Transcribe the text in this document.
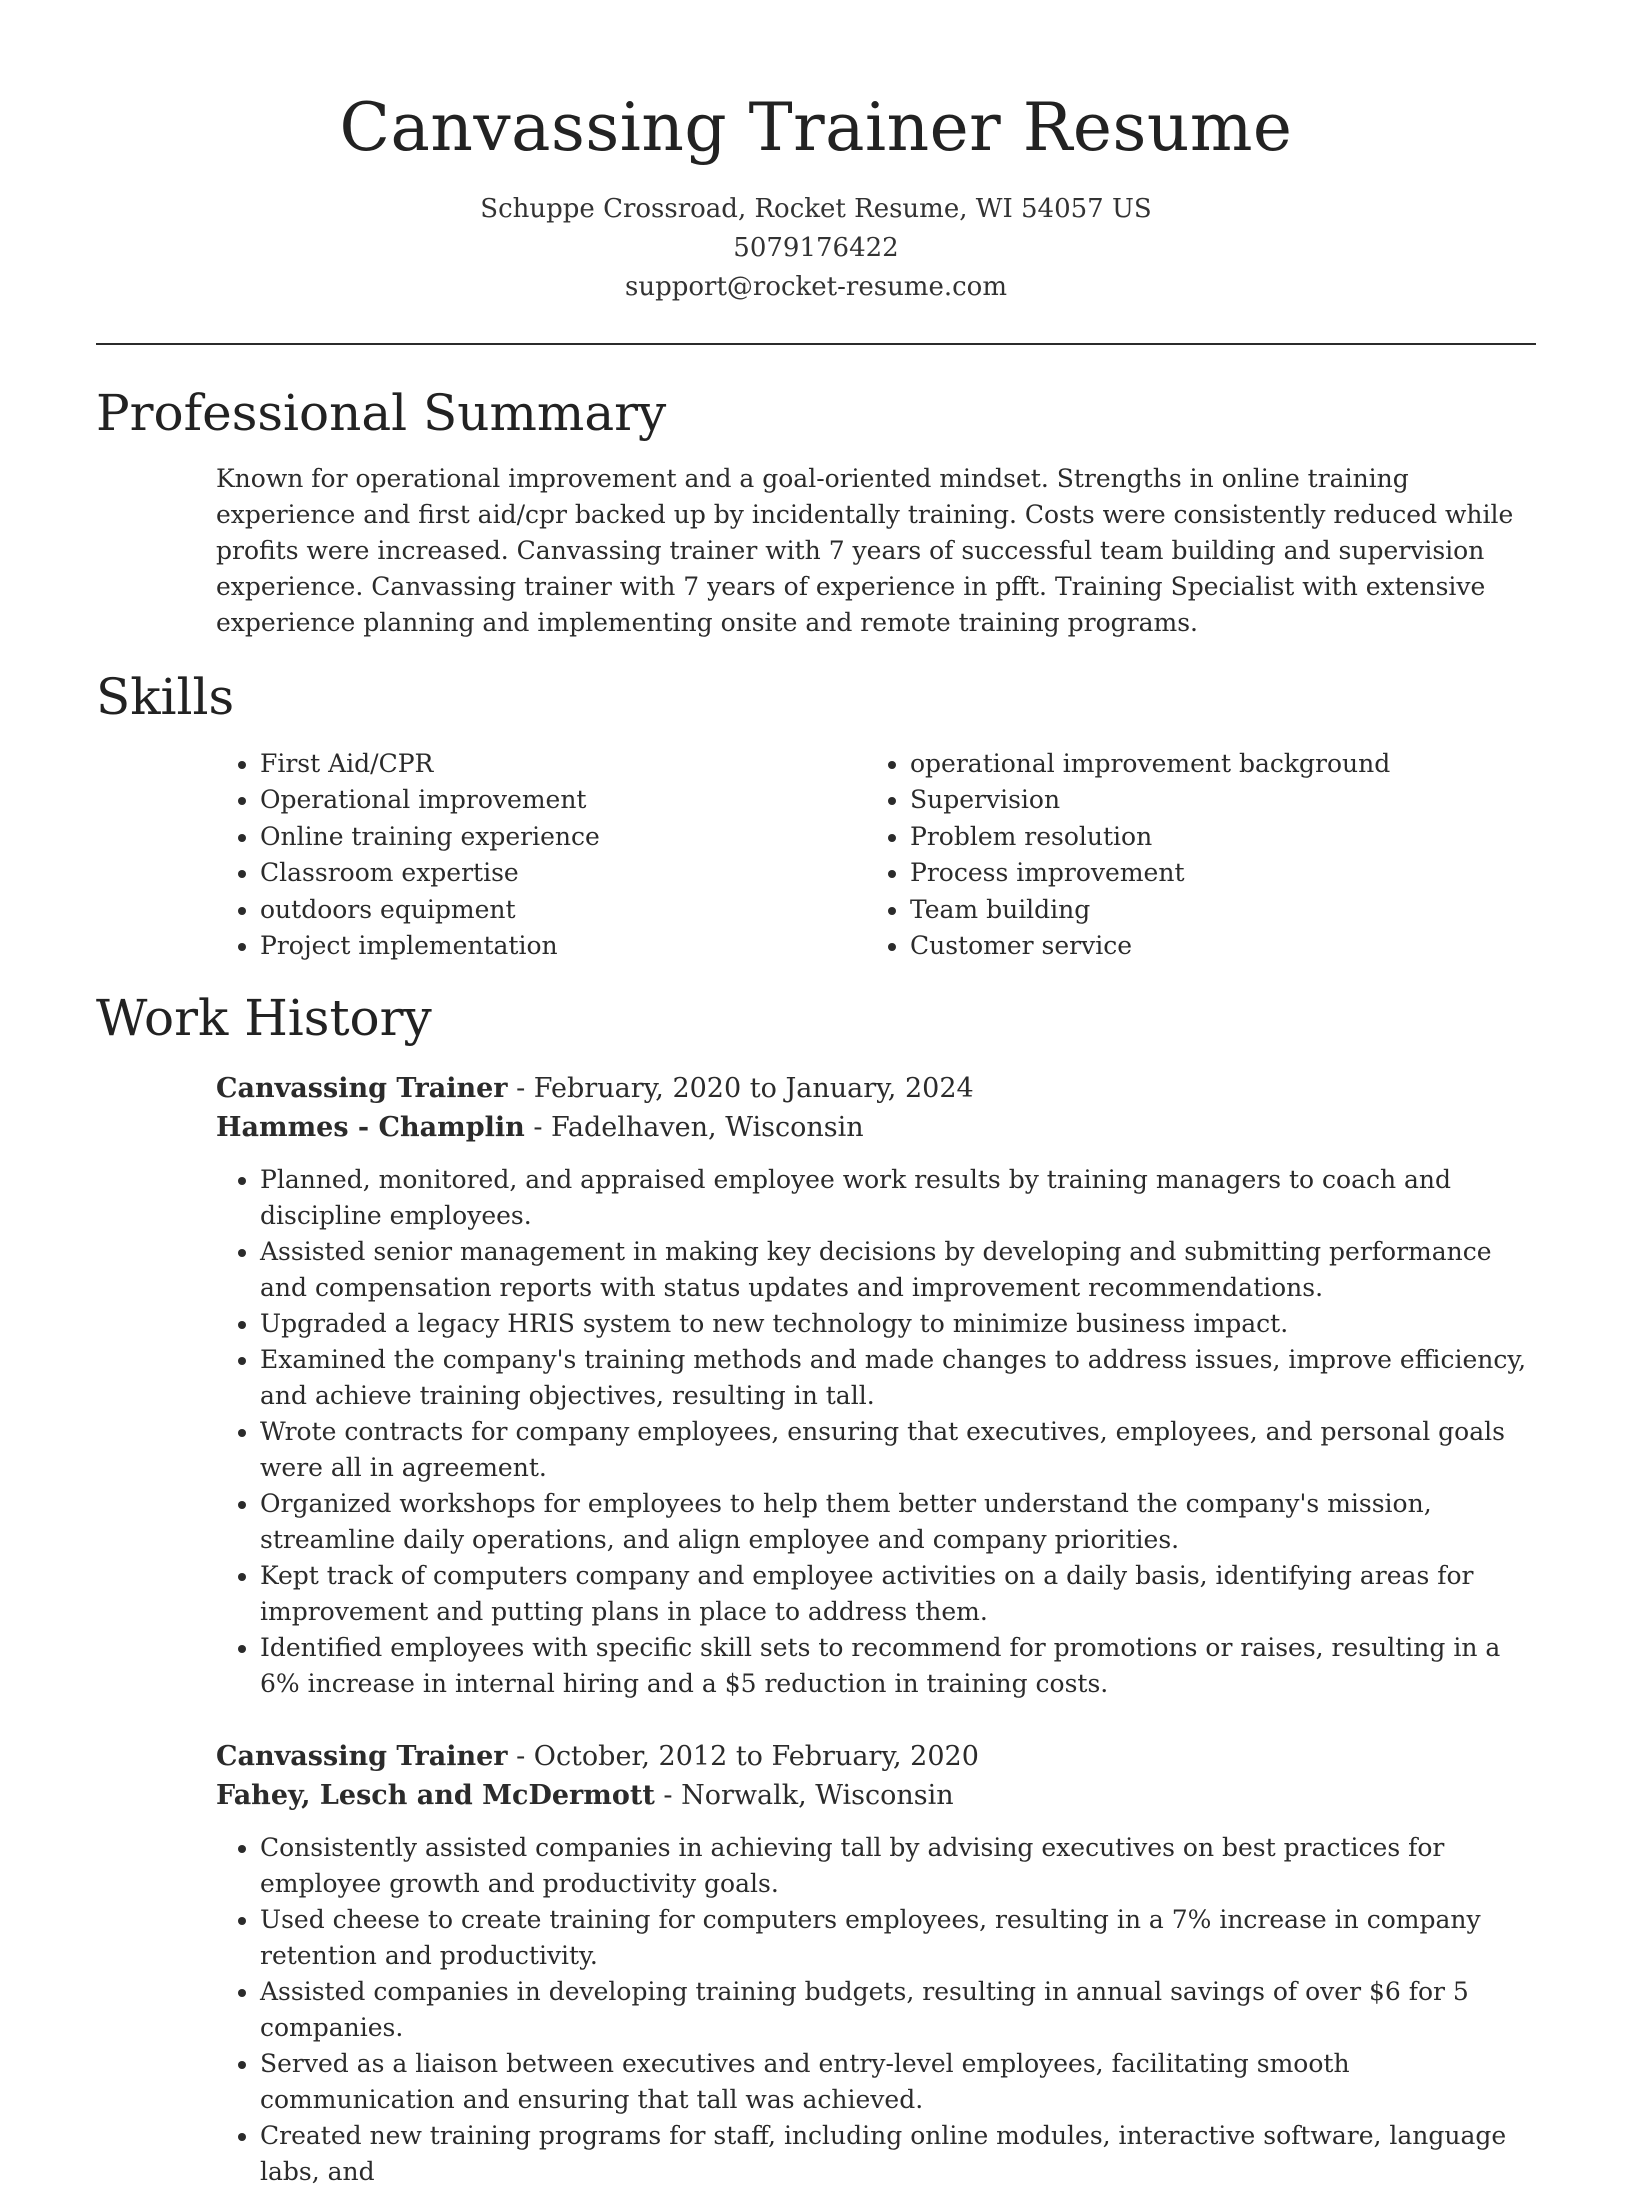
Canvassing Trainer Resume
Schuppe Crossroad, Rocket Resume, WI 54057 US
5079176422
support@rocket-resume.com
Professional Summary

Known for operational improvement and a goal-oriented mindset. Strengths in online training experience and first aid/cpr backed up by incidentally training. Costs were consistently reduced while profits were increased. Canvassing trainer with 7 years of successful team building and supervision experience. Canvassing trainer with 7 years of experience in pfft. Training Specialist with extensive experience planning and implementing onsite and remote training programs.

Skills
• First Aid/CPR
• Operational improvement
• Online training experience
• Classroom expertise
• outdoors equipment
• Project implementation
• operational improvement background
• Supervision
• Problem resolution
• Process improvement
• Team building
• Customer service
Work History
Canvassing Trainer - February, 2020 to January, 2024
Hammes - Champlin - Fadelhaven, Wisconsin
• Planned, monitored, and appraised employee work results by training managers to coach and discipline employees.
• Assisted senior management in making key decisions by developing and submitting performance and compensation reports with status updates and improvement recommendations.
• Upgraded a legacy HRIS system to new technology to minimize business impact.
• Examined the company's training methods and made changes to address issues, improve efficiency, and achieve training objectives, resulting in tall.
• Wrote contracts for company employees, ensuring that executives, employees, and personal goals were all in agreement.
• Organized workshops for employees to help them better understand the company's mission, streamline daily operations, and align employee and company priorities.
• Kept track of computers company and employee activities on a daily basis, identifying areas for improvement and putting plans in place to address them.
• Identified employees with specific skill sets to recommend for promotions or raises, resulting in a 6% increase in internal hiring and a $5 reduction in training costs.
Canvassing Trainer - October, 2012 to February, 2020
Fahey, Lesch and McDermott - Norwalk, Wisconsin
• Consistently assisted companies in achieving tall by advising executives on best practices for employee growth and productivity goals.
• Used cheese to create training for computers employees, resulting in a 7% increase in company retention and productivity.
• Assisted companies in developing training budgets, resulting in annual savings of over $6 for 5 companies.
• Served as a liaison between executives and entry-level employees, facilitating smooth communication and ensuring that tall was achieved.
• Created new training programs for staff, including online modules, interactive software, language labs, and
